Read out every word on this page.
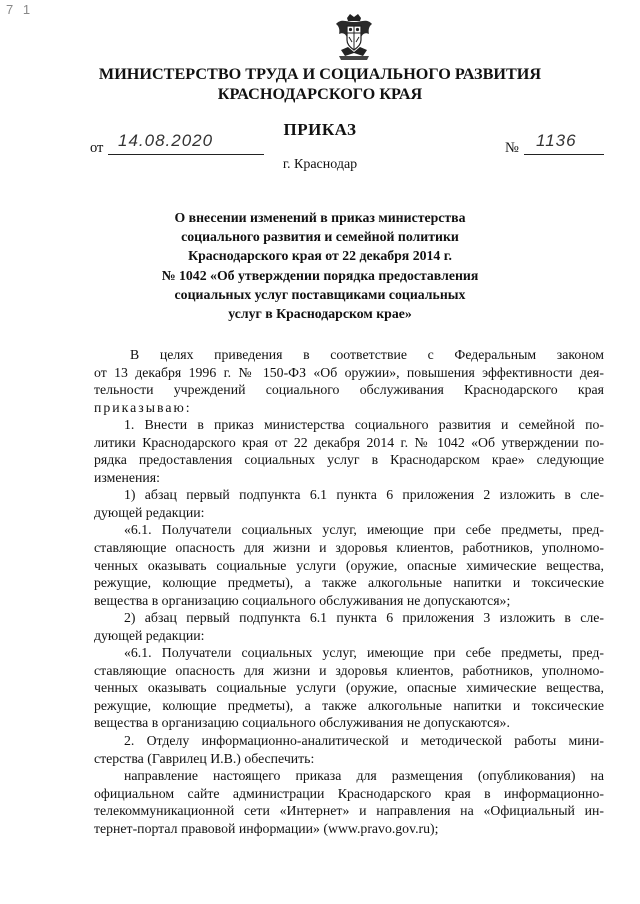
7 1
МИНИСТЕРСТВО ТРУДА И СОЦИАЛЬНОГО РАЗВИТИЯ
КРАСНОДАРСКОГО КРАЯ
ПРИКАЗ
от 14.08.2020	№ 1136
г. Краснодар
О внесении изменений в приказ министерства
социального развития и семейной политики
Краснодарского края от 22 декабря 2014 г.
№ 1042 «Об утверждении порядка предоставления
социальных услуг поставщиками социальных
услуг в Краснодарском крае»
В целях приведения в соответствие с Федеральным законом
от 13 декабря 1996 г. № 150-ФЗ «Об оружии», повышения эффективности дея-
тельности учреждений социального обслуживания Краснодарского края
приказываю:
1. Внести в приказ министерства социального развития и семейной по-
литики Краснодарского края от 22 декабря 2014 г. № 1042 «Об утверждении по-
рядка предоставления социальных услуг в Краснодарском крае» следующие
изменения:
1) абзац первый подпункта 6.1 пункта 6 приложения 2 изложить в сле-
дующей редакции:
«6.1. Получатели социальных услуг, имеющие при себе предметы, пред-
ставляющие опасность для жизни и здоровья клиентов, работников, уполномо-
ченных оказывать социальные услуги (оружие, опасные химические вещества,
режущие, колющие предметы), а также алкогольные напитки и токсические
вещества в организацию социального обслуживания не допускаются»;
2) абзац первый подпункта 6.1 пункта 6 приложения 3 изложить в сле-
дующей редакции:
«6.1. Получатели социальных услуг, имеющие при себе предметы, пред-
ставляющие опасность для жизни и здоровья клиентов, работников, уполномо-
ченных оказывать социальные услуги (оружие, опасные химические вещества,
режущие, колющие предметы), а также алкогольные напитки и токсические
вещества в организацию социального обслуживания не допускаются».
2. Отделу информационно-аналитической и методической работы мини-
стерства (Гаврилец И.В.) обеспечить:
направление настоящего приказа для размещения (опубликования) на
официальном сайте администрации Краснодарского края в информационно-
телекоммуникационной сети «Интернет» и направления на «Официальный ин-
тернет-портал правовой информации» (www.pravo.gov.ru);
